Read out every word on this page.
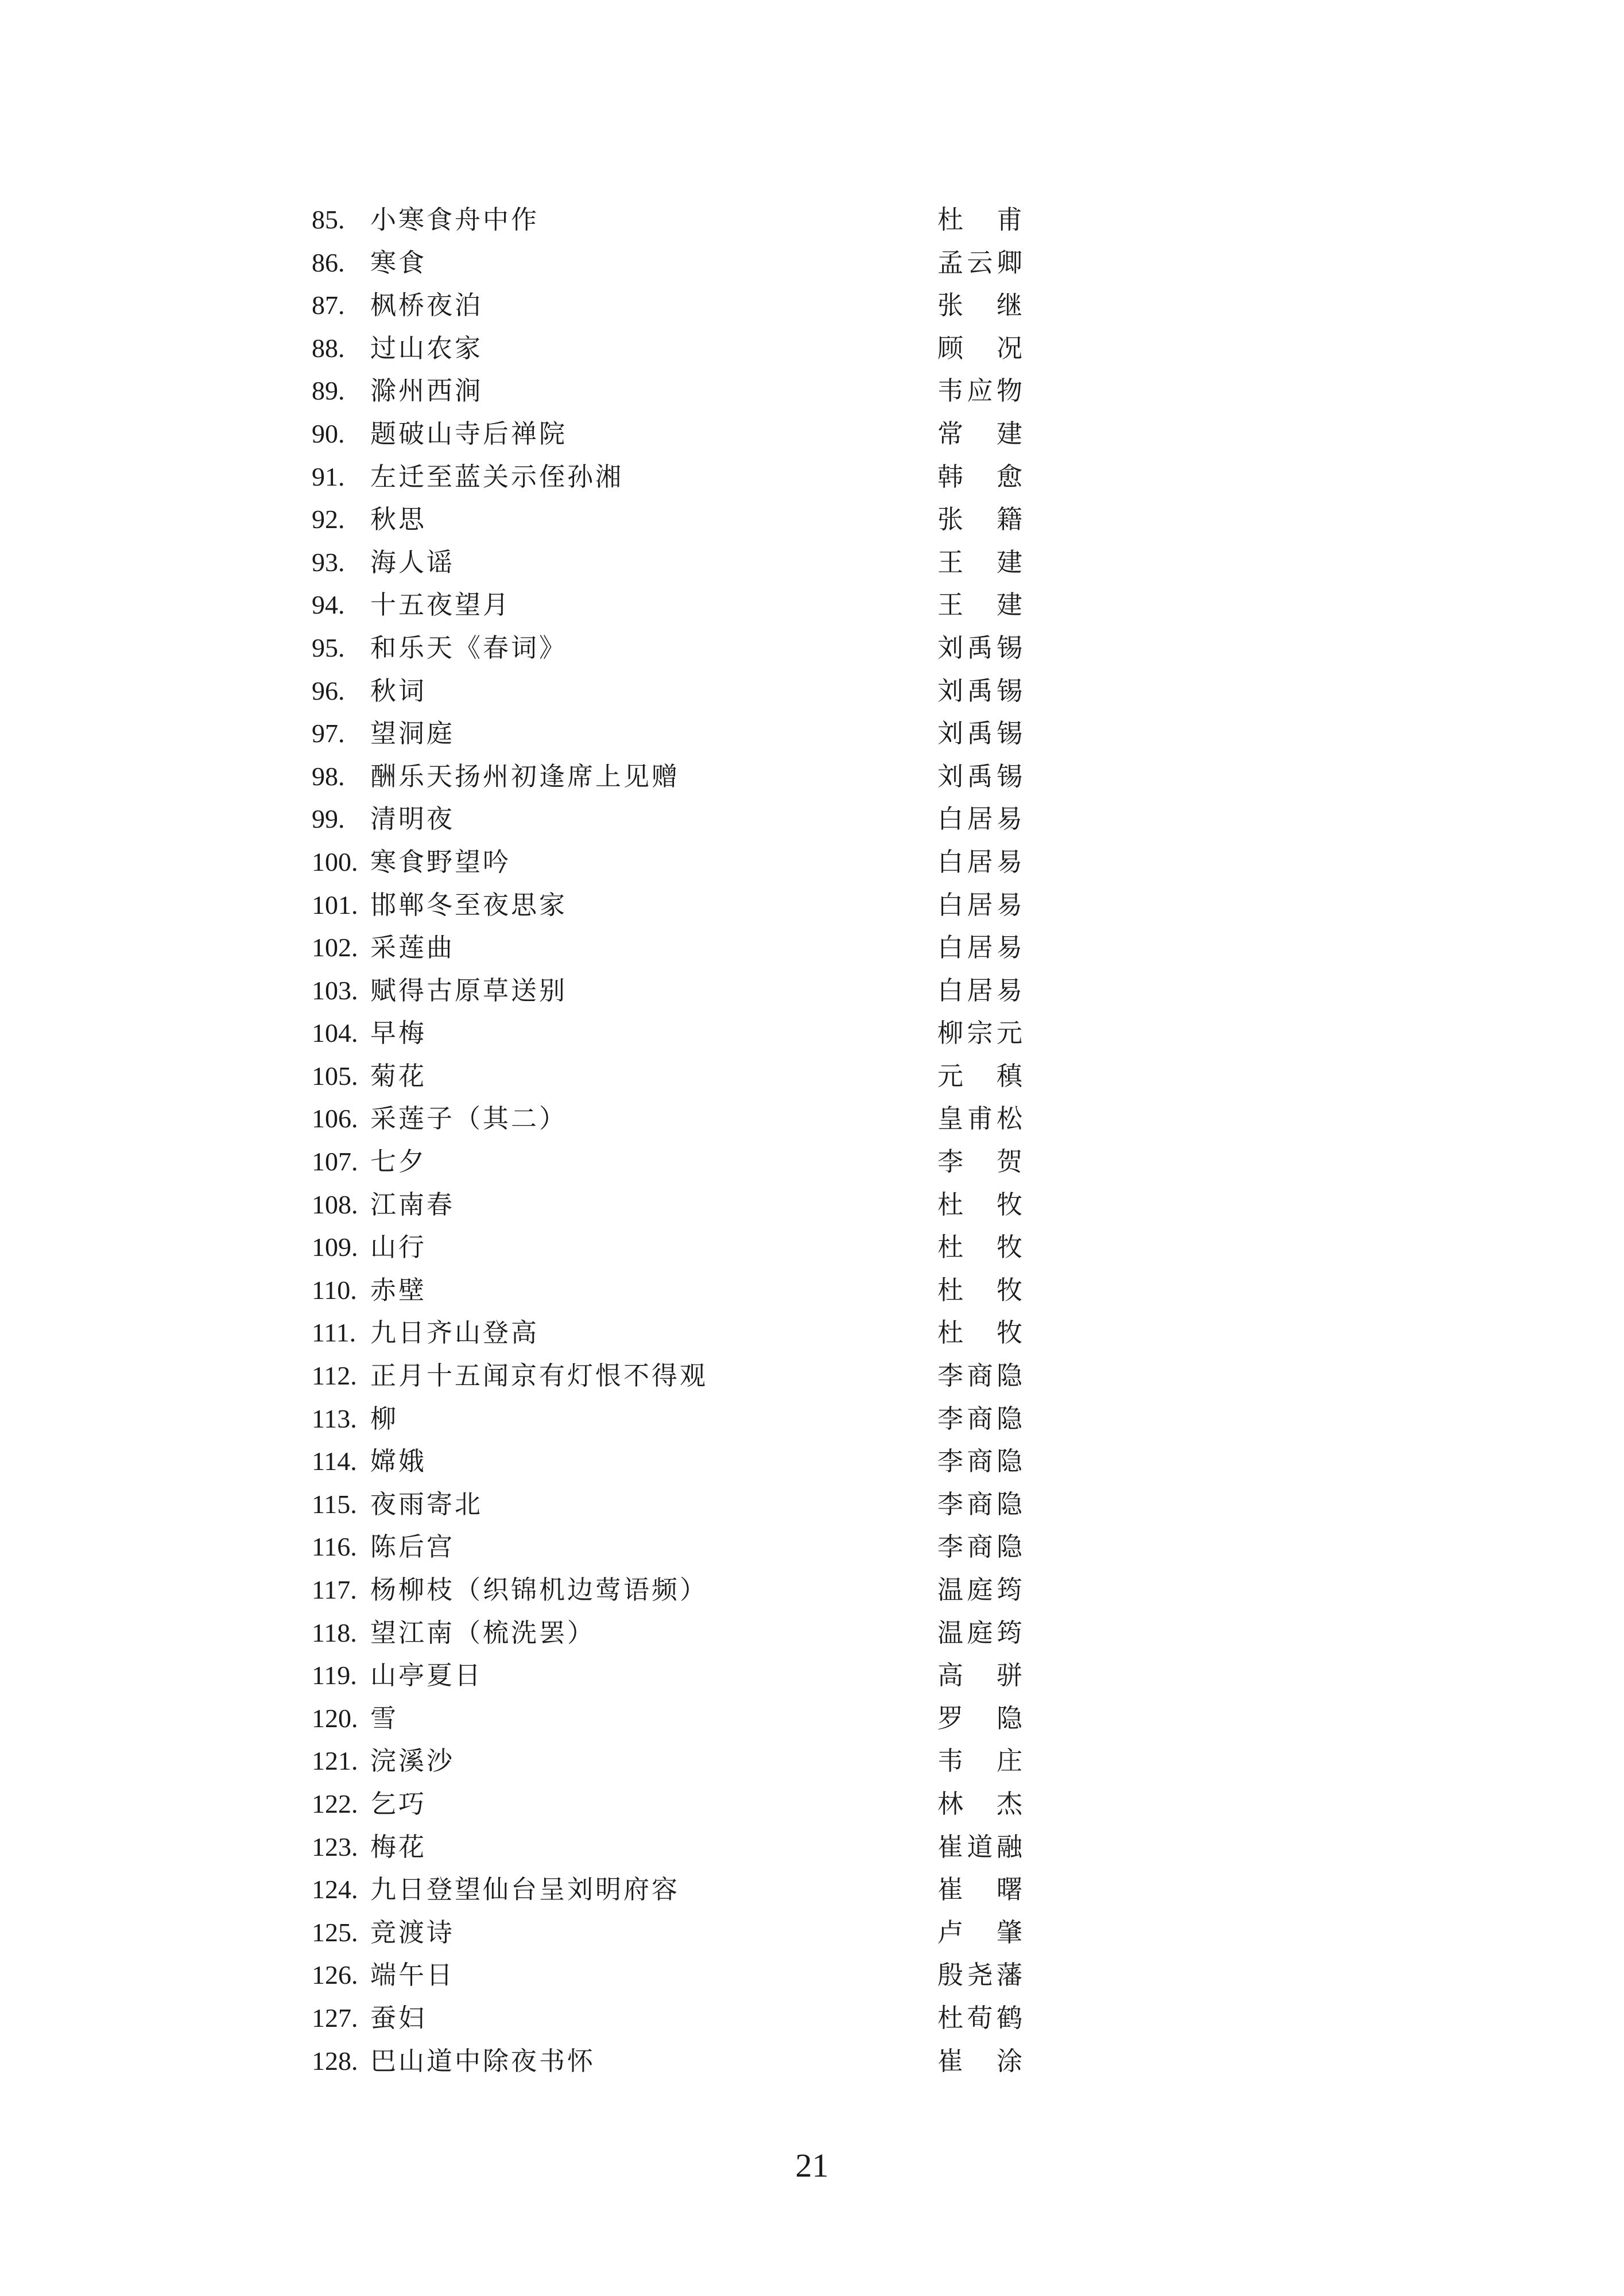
85. 小寒食舟中作	杜　甫
86. 寒食	孟云卿
87. 枫桥夜泊	张　继
88. 过山农家	顾　况
89. 滁州西涧	韦应物
90. 题破山寺后禅院	常　建
91. 左迁至蓝关示侄孙湘	韩　愈
92. 秋思	张　籍
93. 海人谣	王　建
94. 十五夜望月	王　建
95. 和乐天《春词》	刘禹锡
96. 秋词	刘禹锡
97. 望洞庭	刘禹锡
98. 酬乐天扬州初逢席上见赠	刘禹锡
99. 清明夜	白居易
100. 寒食野望吟	白居易
101. 邯郸冬至夜思家	白居易
102. 采莲曲	白居易
103. 赋得古原草送别	白居易
104. 早梅	柳宗元
105. 菊花	元　稹
106. 采莲子（其二）	皇甫松
107. 七夕	李　贺
108. 江南春	杜　牧
109. 山行	杜　牧
110. 赤壁	杜　牧
111. 九日齐山登高	杜　牧
112. 正月十五闻京有灯恨不得观	李商隐
113. 柳	李商隐
114. 嫦娥	李商隐
115. 夜雨寄北	李商隐
116. 陈后宫	李商隐
117. 杨柳枝（织锦机边莺语频）	温庭筠
118. 望江南（梳洗罢）	温庭筠
119. 山亭夏日	高　骈
120. 雪	罗　隐
121. 浣溪沙	韦　庄
122. 乞巧	林　杰
123. 梅花	崔道融
124. 九日登望仙台呈刘明府容	崔　曙
125. 竞渡诗	卢　肇
126. 端午日	殷尧藩
127. 蚕妇	杜荀鹤
128. 巴山道中除夜书怀	崔　涂
21
